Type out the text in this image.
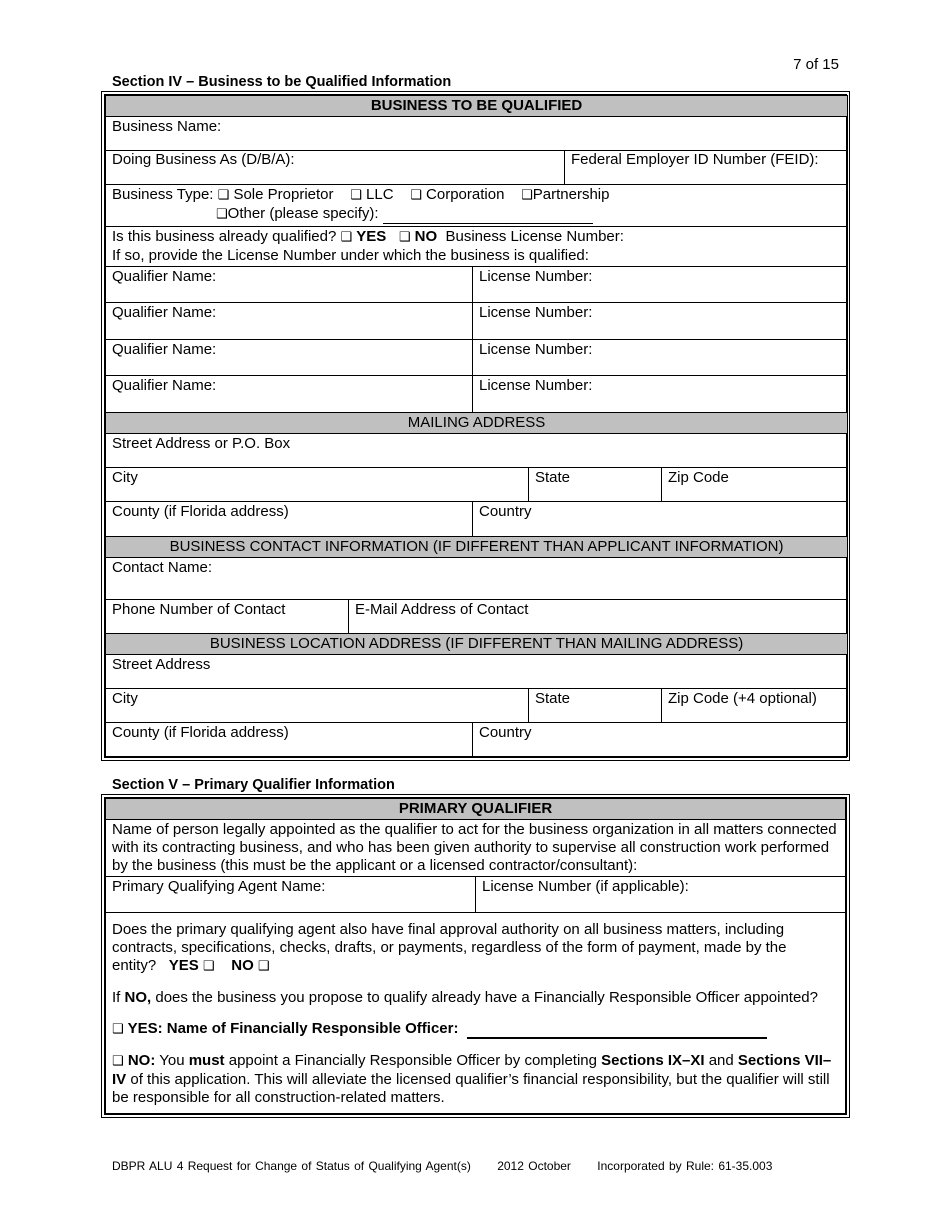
7 of 15
Section IV – Business to be Qualified Information
BUSINESS TO BE QUALIFIED					
Business Name:					
Doing Business As (D/B/A):				Federal Employer ID Number (FEID):	
Business Type: ❑ Sole Proprietor ❑ LLC ❑ Corporation ❑Partnership
❑Other (please specify):					

Is this business already qualified? ❑ YES ❑ NO Business License Number:
If so, provide the License Number under which the business is qualified:					

Qualifier Name:		License Number:			
Qualifier Name:		License Number:			
Qualifier Name:		License Number:			
Qualifier Name:		License Number:			
MAILING ADDRESS					
Street Address or P.O. Box					
City			State		Zip Code
County (if Florida address)		Country			
BUSINESS CONTACT INFORMATION (IF DIFFERENT THAN APPLICANT INFORMATION)					
Contact Name:					
Phone Number of Contact	E-Mail Address of Contact				
BUSINESS LOCATION ADDRESS (IF DIFFERENT THAN MAILING ADDRESS)					
Street Address					
City			State		Zip Code (+4 optional)
County (if Florida address)		Country			
Section V – Primary Qualifier Information
PRIMARY QUALIFIER
Name of person legally appointed as the qualifier to act for the business organization in all matters connected with its contracting business, and who has been given authority to supervise all construction work performed by the business (this must be the applicant or a licensed contractor/consultant):
Primary Qualifying Agent Name:	License Number (if applicable):

Does the primary qualifying agent also have final approval authority on all business matters, including contracts, specifications, checks, drafts, or payments, regardless of the form of payment, made by the entity? YES ❑ NO ❑
If NO, does the business you propose to qualify already have a Financially Responsible Officer appointed?
❑ YES: Name of Financially Responsible Officer:
❑ NO: You must appoint a Financially Responsible Officer by completing Sections IX–XI and Sections VII–IV of this application. This will alleviate the licensed qualifier’s financial responsibility, but the qualifier will still be responsible for all construction-related matters.
DBPR ALU 4 Request for Change of Status of Qualifying Agent(s) 2012 October Incorporated by Rule: 61-35.003
